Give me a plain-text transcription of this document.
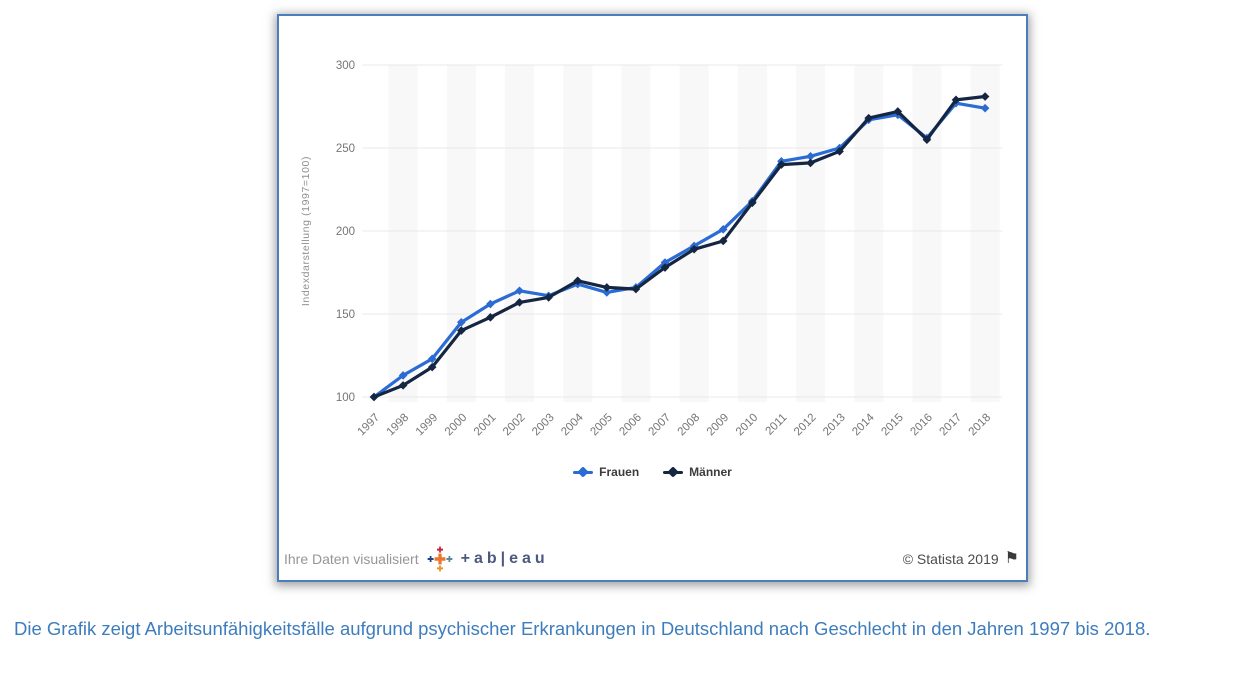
100
150
200
250
300
Indexdarstellung (1997=100)
1997 1998 1999 2000 2001 2002 2003 2004 2005 2006 2007 2008 2009 2010 2011 2012 2013 2014 2015 2016 2017 2018
Frauen	Männer
Ihre Daten visualisiert	+ab|eau	© Statista 2019 ⚑
Die Grafik zeigt Arbeitsunfähigkeitsfälle aufgrund psychischer Erkrankungen in Deutschland nach Geschlecht in den Jahren 1997 bis 2018.
